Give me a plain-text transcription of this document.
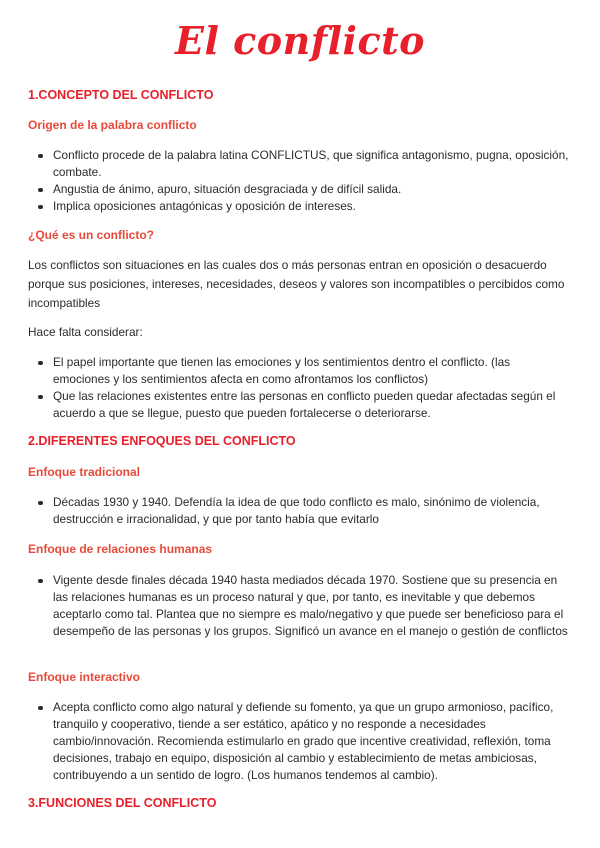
El conflicto
1.CONCEPTO DEL CONFLICTO
Origen de la palabra conflicto
Conflicto procede de la palabra latina CONFLICTUS, que significa antagonismo, pugna, oposición, combate.
Angustia de ánimo, apuro, situación desgraciada y de difícil salida.
Implica oposiciones antagónicas y oposición de intereses.
¿Qué es un conflicto?

Los conflictos son situaciones en las cuales dos o más personas entran en oposición o desacuerdo porque sus posiciones, intereses, necesidades, deseos y valores son incompatibles o percibidos como incompatibles

Hace falta considerar:

El papel importante que tienen las emociones y los sentimientos dentro el conflicto. (las emociones y los sentimientos afecta en como afrontamos los conflictos)
Que las relaciones existentes entre las personas en conflicto pueden quedar afectadas según el acuerdo a que se llegue, puesto que pueden fortalecerse o deteriorarse.
2.DIFERENTES ENFOQUES DEL CONFLICTO
Enfoque tradicional
Décadas 1930 y 1940. Defendía la idea de que todo conflicto es malo, sinónimo de violencia, destrucción e irracionalidad, y que por tanto había que evitarlo
Enfoque de relaciones humanas
Vigente desde finales década 1940 hasta mediados década 1970. Sostiene que su presencia en las relaciones humanas es un proceso natural y que, por tanto, es inevitable y que debemos aceptarlo como tal. Plantea que no siempre es malo/negativo y que puede ser beneficioso para el desempeño de las personas y los grupos. Significó un avance en el manejo o gestión de conflictos
Enfoque interactivo
Acepta conflicto como algo natural y defiende su fomento, ya que un grupo armonioso, pacífico, tranquilo y cooperativo, tiende a ser estático, apático y no responde a necesidades cambio/innovación. Recomienda estimularlo en grado que incentive creatividad, reflexión, toma decisiones, trabajo en equipo, disposición al cambio y establecimiento de metas ambiciosas, contribuyendo a un sentido de logro. (Los humanos tendemos al cambio).
3.FUNCIONES DEL CONFLICTO
